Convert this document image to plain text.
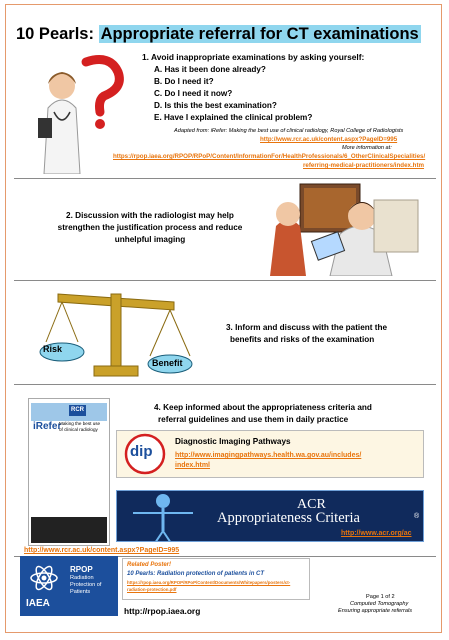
10 Pearls: Appropriate referral for CT examinations
1. Avoid inappropriate examinations by asking yourself:
A. Has it been done already?
B. Do I need it?
C. Do I need it now?
D. Is this the best examination?
E. Have I explained the clinical problem?
Adapted from: iRefer: Making the best use of clinical radiology, Royal College of Radiologists
http://www.rcr.ac.uk/content.aspx?PageID=995
More information at:
https://rpop.iaea.org/RPOP/RPoP/Content/InformationFor/HealthProfessionals/6_OtherClinicalSpecialities/
referring-medical-practitioners/index.htm
2. Discussion with the radiologist may help
strengthen the justification process and reduce
unhelpful imaging
Risk
Benefit
3. Inform and discuss with the patient the
benefits and risks of the examination
RCR
iRefer
Making the best use
of clinical radiology
4. Keep informed about the appropriateness criteria and
referral guidelines and use them in daily practice
dip
Diagnostic Imaging Pathways
http://www.imagingpathways.health.wa.gov.au/includes/
index.html
ACR
Appropriateness Criteria	®
http://www.acr.org/ac
http://www.rcr.ac.uk/content.aspx?PageID=995
IAEA
RPOP
Radiation
Protection of
Patients
Related Poster!
10 Pearls: Radiation protection of patients in CT
https://rpop.iaea.org/RPOP/RPoP/Content/Documents/Whitepapers/posters/ct-
radiation-protection.pdf
http://rpop.iaea.org
Page 1 of 2
Computed Tomography
Ensuring appropriate referrals
